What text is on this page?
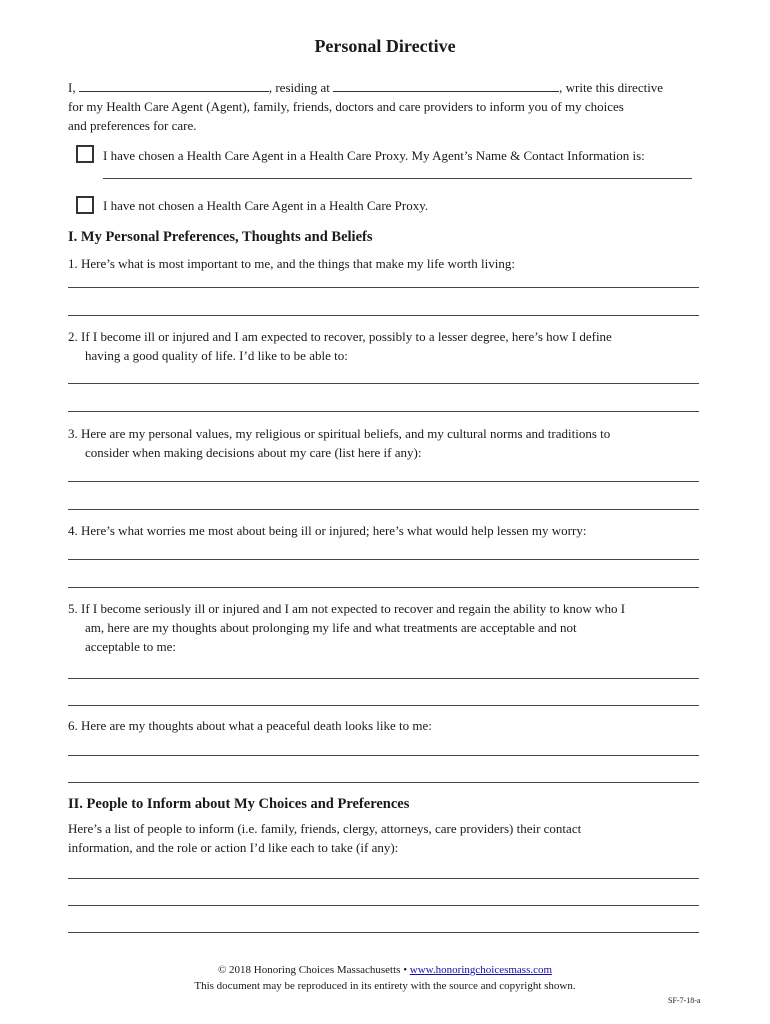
Personal Directive
I,	, residing at	, write this directive
for my Health Care Agent (Agent), family, friends, doctors and care providers to inform you of my choices
and preferences for care.
I have chosen a Health Care Agent in a Health Care Proxy. My Agent’s Name & Contact Information is:
I have not chosen a Health Care Agent in a Health Care Proxy.
I. My Personal Preferences, Thoughts and Beliefs
1. Here’s what is most important to me, and the things that make my life worth living:
2. If I become ill or injured and I am expected to recover, possibly to a lesser degree, here’s how I define
having a good quality of life. I’d like to be able to:
3. Here are my personal values, my religious or spiritual beliefs, and my cultural norms and traditions to
consider when making decisions about my care (list here if any):
4. Here’s what worries me most about being ill or injured; here’s what would help lessen my worry:
5. If I become seriously ill or injured and I am not expected to recover and regain the ability to know who I
am, here are my thoughts about prolonging my life and what treatments are acceptable and not
acceptable to me:
6. Here are my thoughts about what a peaceful death looks like to me:
II. People to Inform about My Choices and Preferences
Here’s a list of people to inform (i.e. family, friends, clergy, attorneys, care providers) their contact
information, and the role or action I’d like each to take (if any):
© 2018 Honoring Choices Massachusetts • www.honoringchoicesmass.com
This document may be reproduced in its entirety with the source and copyright shown.
SF-7-18-a
